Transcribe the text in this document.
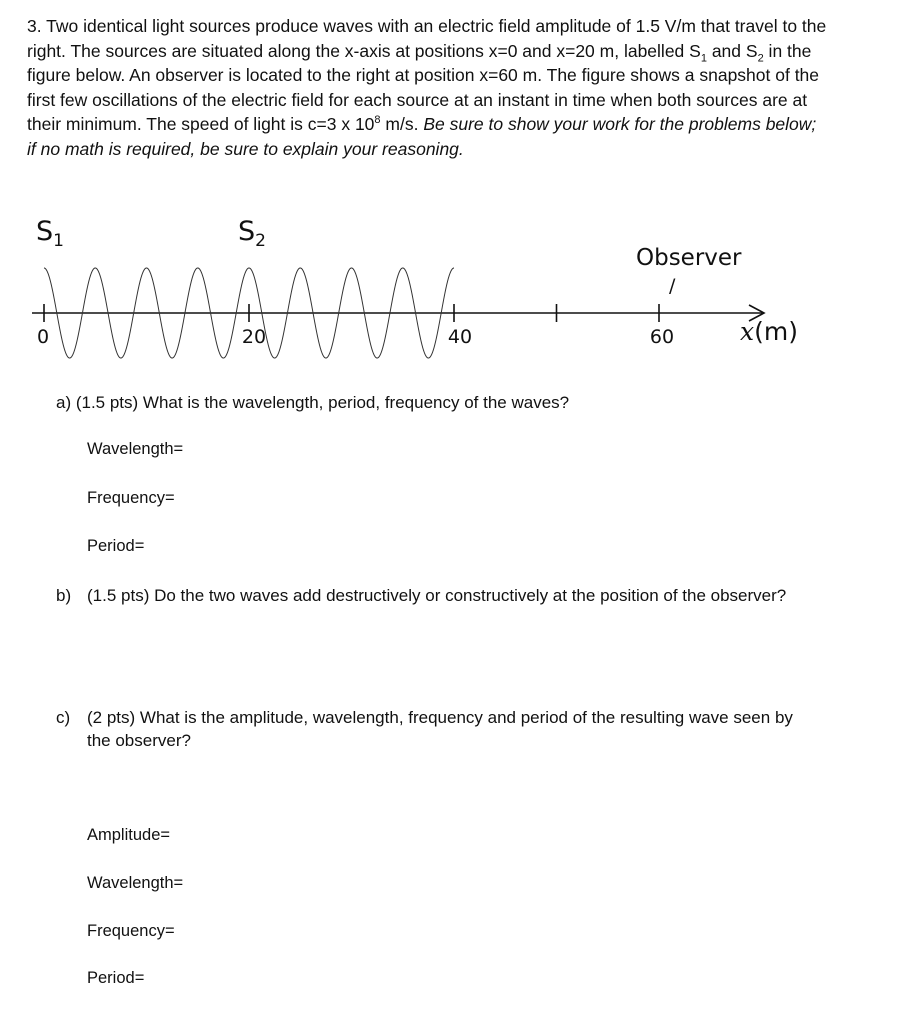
3. Two identical light sources produce waves with an electric field amplitude of 1.5 V/m that travel to the right. The sources are situated along the x-axis at positions x=0 and x=20 m, labelled $S_1$ and $S_2$ in the figure below. An observer is located to the right at position x=60 m. The figure shows a snapshot of the first few oscillations of the electric field for each source at an instant in time when both sources are at their minimum. The speed of light is c=3 x $10^8$ m/s. Be sure to show your work for the problems below; if no math is required, be sure to explain your reasoning.

$S_1$	$S_2$
Observer
/
0	20	40	60	x(m)
a) (1.5 pts) What is the wavelength, period, frequency of the waves?
Wavelength=
Frequency=
Period=
b) (1.5 pts) Do the two waves add destructively or constructively at the position of the observer?
c) (2 pts) What is the amplitude, wavelength, frequency and period of the resulting wave seen by the observer?
Amplitude=
Wavelength=
Frequency=
Period=
